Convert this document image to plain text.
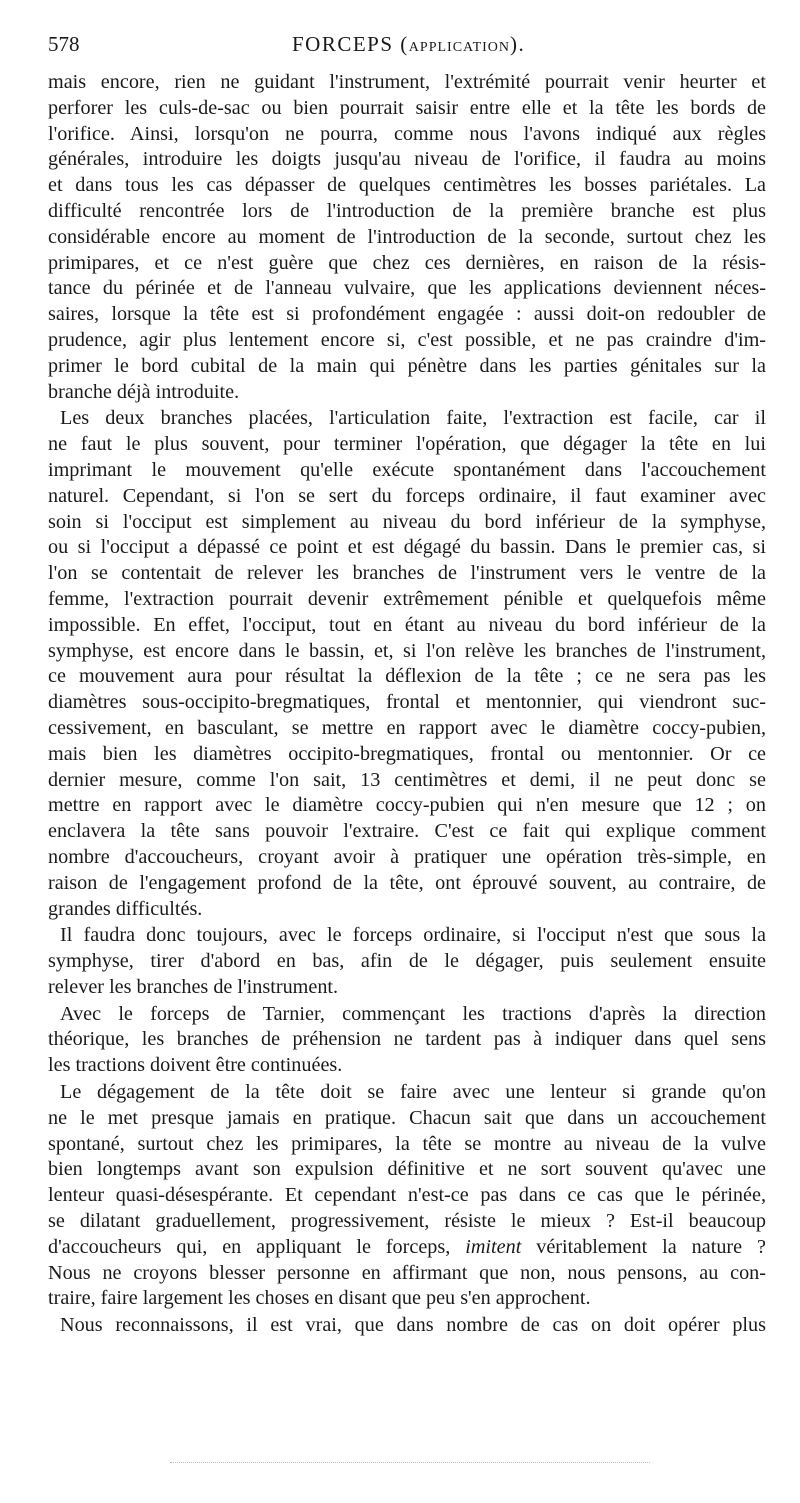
578	FORCEPS (APPLICATION).

mais encore, rien ne guidant l'instrument, l'extrémité pourrait venir heurter et
perforer les culs-de-sac ou bien pourrait saisir entre elle et la tête les bords de
l'orifice. Ainsi, lorsqu'on ne pourra, comme nous l'avons indiqué aux règles
générales, introduire les doigts jusqu'au niveau de l'orifice, il faudra au moins
et dans tous les cas dépasser de quelques centimètres les bosses pariétales. La
difficulté rencontrée lors de l'introduction de la première branche est plus
considérable encore au moment de l'introduction de la seconde, surtout chez les
primipares, et ce n'est guère que chez ces dernières, en raison de la résis-
tance du périnée et de l'anneau vulvaire, que les applications deviennent néces-
saires, lorsque la tête est si profondément engagée : aussi doit-on redoubler de
prudence, agir plus lentement encore si, c'est possible, et ne pas craindre d'im-
primer le bord cubital de la main qui pénètre dans les parties génitales sur la
branche déjà introduite.

Les deux branches placées, l'articulation faite, l'extraction est facile, car il
ne faut le plus souvent, pour terminer l'opération, que dégager la tête en lui
imprimant le mouvement qu'elle exécute spontanément dans l'accouchement
naturel. Cependant, si l'on se sert du forceps ordinaire, il faut examiner avec
soin si l'occiput est simplement au niveau du bord inférieur de la symphyse,
ou si l'occiput a dépassé ce point et est dégagé du bassin. Dans le premier cas, si
l'on se contentait de relever les branches de l'instrument vers le ventre de la
femme, l'extraction pourrait devenir extrêmement pénible et quelquefois même
impossible. En effet, l'occiput, tout en étant au niveau du bord inférieur de la
symphyse, est encore dans le bassin, et, si l'on relève les branches de l'instrument,
ce mouvement aura pour résultat la déflexion de la tête ; ce ne sera pas les
diamètres sous-occipito-bregmatiques, frontal et mentonnier, qui viendront suc-
cessivement, en basculant, se mettre en rapport avec le diamètre coccy-pubien,
mais bien les diamètres occipito-bregmatiques, frontal ou mentonnier. Or ce
dernier mesure, comme l'on sait, 13 centimètres et demi, il ne peut donc se
mettre en rapport avec le diamètre coccy-pubien qui n'en mesure que 12 ; on
enclavera la tête sans pouvoir l'extraire. C'est ce fait qui explique comment
nombre d'accoucheurs, croyant avoir à pratiquer une opération très-simple, en
raison de l'engagement profond de la tête, ont éprouvé souvent, au contraire, de
grandes difficultés.

Il faudra donc toujours, avec le forceps ordinaire, si l'occiput n'est que sous la
symphyse, tirer d'abord en bas, afin de le dégager, puis seulement ensuite
relever les branches de l'instrument.

Avec le forceps de Tarnier, commençant les tractions d'après la direction
théorique, les branches de préhension ne tardent pas à indiquer dans quel sens
les tractions doivent être continuées.

Le dégagement de la tête doit se faire avec une lenteur si grande qu'on
ne le met presque jamais en pratique. Chacun sait que dans un accouchement
spontané, surtout chez les primipares, la tête se montre au niveau de la vulve
bien longtemps avant son expulsion définitive et ne sort souvent qu'avec une
lenteur quasi-désespérante. Et cependant n'est-ce pas dans ce cas que le périnée,
se dilatant graduellement, progressivement, résiste le mieux ? Est-il beaucoup
d'accoucheurs qui, en appliquant le forceps, imitent véritablement la nature ?
Nous ne croyons blesser personne en affirmant que non, nous pensons, au con-
traire, faire largement les choses en disant que peu s'en approchent.

Nous reconnaissons, il est vrai, que dans nombre de cas on doit opérer plus
